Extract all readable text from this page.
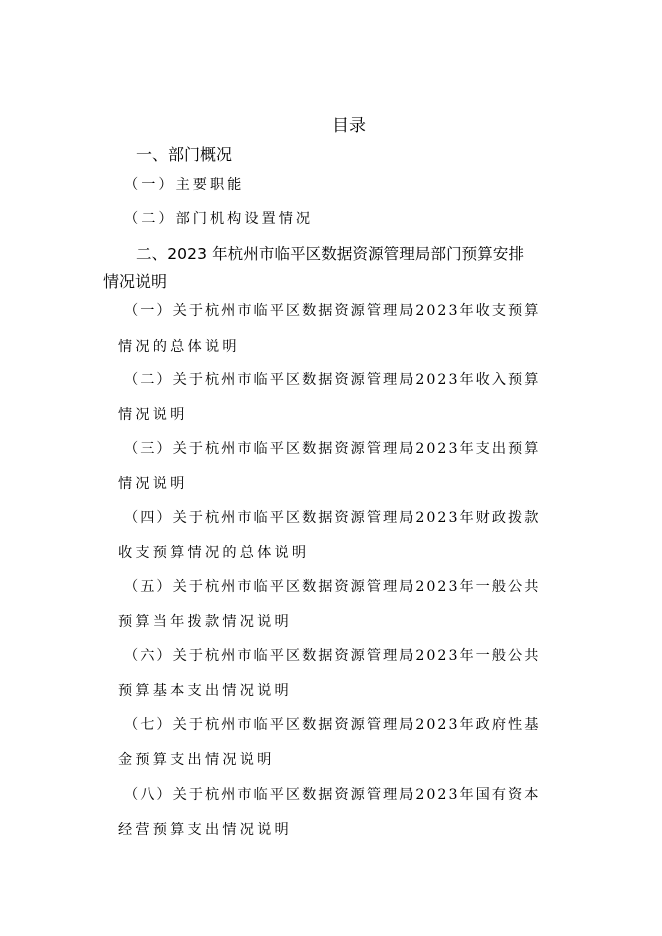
目录
一、部门概况
（一）主要职能
（二）部门机构设置情况
二、2023 年杭州市临平区数据资源管理局部门预算安排
情况说明
（一）关于杭州市临平区数据资源管理局2023年收支预算
情况的总体说明
（二）关于杭州市临平区数据资源管理局2023年收入预算
情况说明
（三）关于杭州市临平区数据资源管理局2023年支出预算
情况说明
（四）关于杭州市临平区数据资源管理局2023年财政拨款
收支预算情况的总体说明
（五）关于杭州市临平区数据资源管理局2023年一般公共
预算当年拨款情况说明
（六）关于杭州市临平区数据资源管理局2023年一般公共
预算基本支出情况说明
（七）关于杭州市临平区数据资源管理局2023年政府性基
金预算支出情况说明
（八）关于杭州市临平区数据资源管理局2023年国有资本
经营预算支出情况说明
